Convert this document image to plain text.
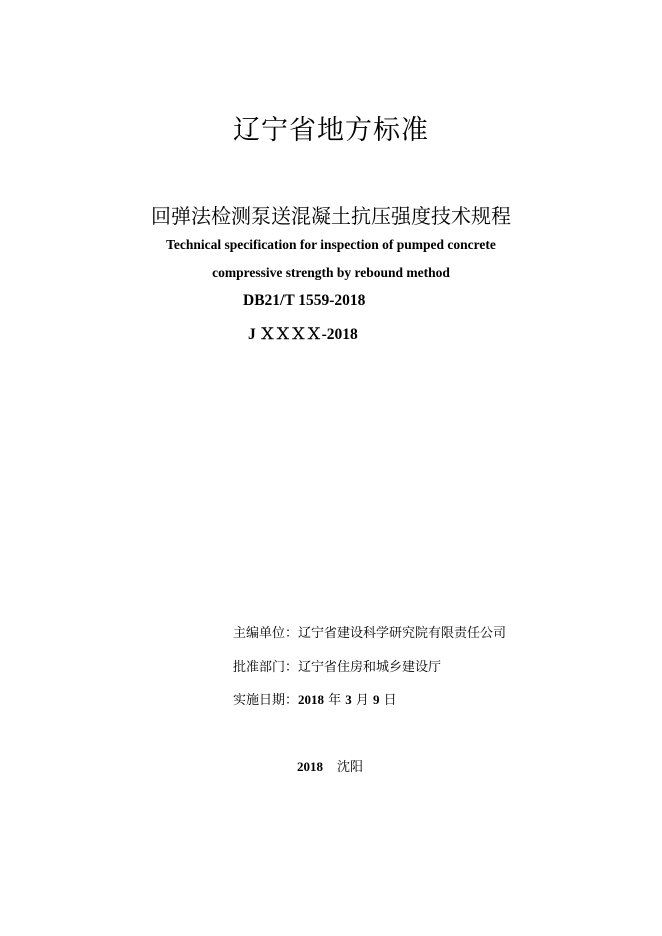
辽宁省地方标准
回弹法检测泵送混凝土抗压强度技术规程
Technical specification for inspection of pumped concrete
compressive strength by rebound method
DB21/T 1559-2018
J ＸＸＸＸ-2018
主编单位：辽宁省建设科学研究院有限责任公司
批准部门：辽宁省住房和城乡建设厅
实施日期：2018 年 3 月 9 日
2018 沈阳
